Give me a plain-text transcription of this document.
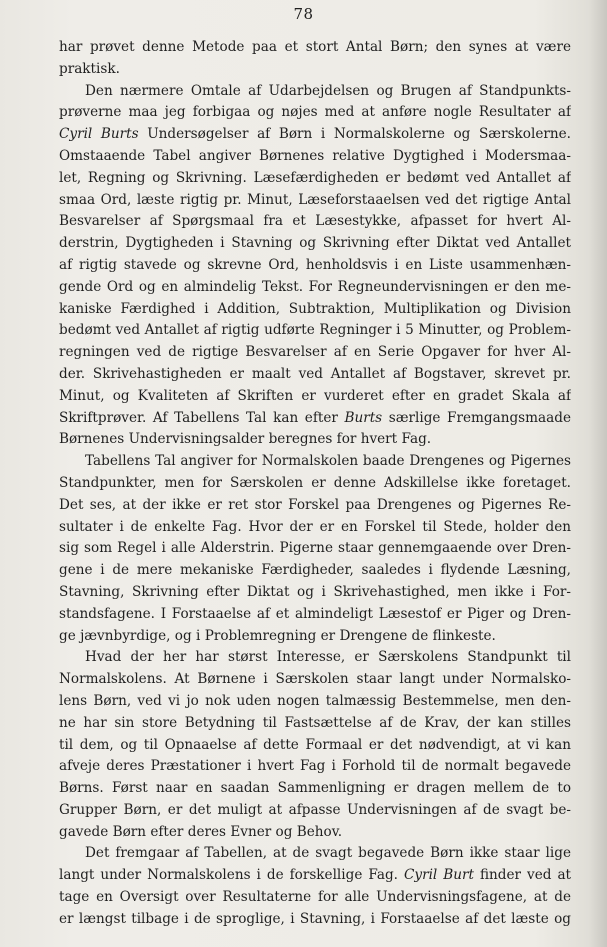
78
har prøvet denne Metode paa et stort Antal Børn; den synes at være
praktisk.
Den nærmere Omtale af Udarbejdelsen og Brugen af Standpunkts-
prøverne maa jeg forbigaa og nøjes med at anføre nogle Resultater af
Cyril Burts Undersøgelser af Børn i Normalskolerne og Særskolerne.
Omstaaende Tabel angiver Børnenes relative Dygtighed i Modersmaa-
let, Regning og Skrivning. Læsefærdigheden er bedømt ved Antallet af
smaa Ord, læste rigtig pr. Minut, Læseforstaaelsen ved det rigtige Antal
Besvarelser af Spørgsmaal fra et Læsestykke, afpasset for hvert Al-
derstrin, Dygtigheden i Stavning og Skrivning efter Diktat ved Antallet
af rigtig stavede og skrevne Ord, henholdsvis i en Liste usammenhæn-
gende Ord og en almindelig Tekst. For Regneundervisningen er den me-
kaniske Færdighed i Addition, Subtraktion, Multiplikation og Division
bedømt ved Antallet af rigtig udførte Regninger i 5 Minutter, og Problem-
regningen ved de rigtige Besvarelser af en Serie Opgaver for hver Al-
der. Skrivehastigheden er maalt ved Antallet af Bogstaver, skrevet pr.
Minut, og Kvaliteten af Skriften er vurderet efter en gradet Skala af
Skriftprøver. Af Tabellens Tal kan efter Burts særlige Fremgangsmaade
Børnenes Undervisningsalder beregnes for hvert Fag.
Tabellens Tal angiver for Normalskolen baade Drengenes og Pigernes
Standpunkter, men for Særskolen er denne Adskillelse ikke foretaget.
Det ses, at der ikke er ret stor Forskel paa Drengenes og Pigernes Re-
sultater i de enkelte Fag. Hvor der er en Forskel til Stede, holder den
sig som Regel i alle Alderstrin. Pigerne staar gennemgaaende over Dren-
gene i de mere mekaniske Færdigheder, saaledes i flydende Læsning,
Stavning, Skrivning efter Diktat og i Skrivehastighed, men ikke i For-
standsfagene. I Forstaaelse af et almindeligt Læsestof er Piger og Dren-
ge jævnbyrdige, og i Problemregning er Drengene de flinkeste.
Hvad der her har størst Interesse, er Særskolens Standpunkt til
Normalskolens. At Børnene i Særskolen staar langt under Normalsko-
lens Børn, ved vi jo nok uden nogen talmæssig Bestemmelse, men den-
ne har sin store Betydning til Fastsættelse af de Krav, der kan stilles
til dem, og til Opnaaelse af dette Formaal er det nødvendigt, at vi kan
afveje deres Præstationer i hvert Fag i Forhold til de normalt begavede
Børns. Først naar en saadan Sammenligning er dragen mellem de to
Grupper Børn, er det muligt at afpasse Undervisningen af de svagt be-
gavede Børn efter deres Evner og Behov.
Det fremgaar af Tabellen, at de svagt begavede Børn ikke staar lige
langt under Normalskolens i de forskellige Fag. Cyril Burt finder ved at
tage en Oversigt over Resultaterne for alle Undervisningsfagene, at de
er længst tilbage i de sproglige, i Stavning, i Forstaaelse af det læste og
